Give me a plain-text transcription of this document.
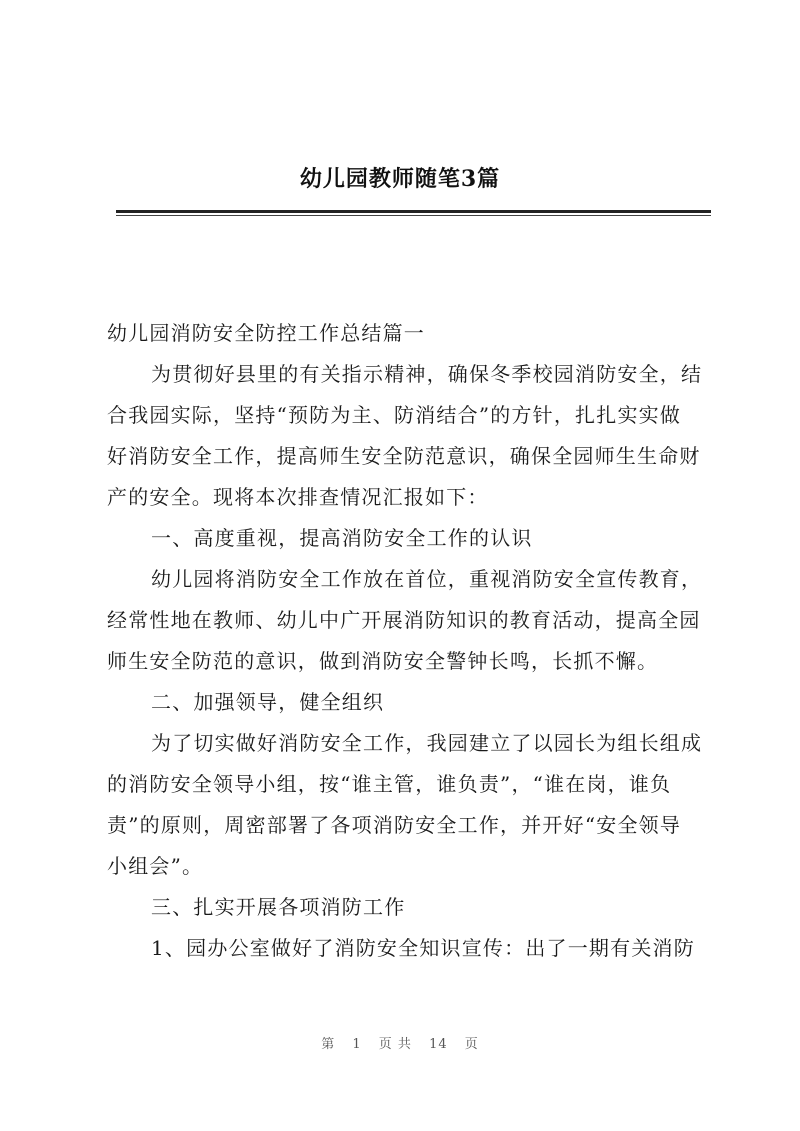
幼儿园教师随笔3篇
幼儿园消防安全防控工作总结篇一
为贯彻好县里的有关指示精神，确保冬季校园消防安全，结
合我园实际，坚持“预防为主、防消结合”的方针，扎扎实实做
好消防安全工作，提高师生安全防范意识，确保全园师生生命财
产的安全。现将本次排查情况汇报如下：
一、高度重视，提高消防安全工作的认识
幼儿园将消防安全工作放在首位，重视消防安全宣传教育，
经常性地在教师、幼儿中广开展消防知识的教育活动，提高全园
师生安全防范的意识，做到消防安全警钟长鸣，长抓不懈。
二、加强领导，健全组织
为了切实做好消防安全工作，我园建立了以园长为组长组成
的消防安全领导小组，按“谁主管，谁负责”，“谁在岗，谁负
责”的原则，周密部署了各项消防安全工作，并开好“安全领导
小组会”。
三、扎实开展各项消防工作
1、园办公室做好了消防安全知识宣传：出了一期有关消防
第 1 页 共 14 页
